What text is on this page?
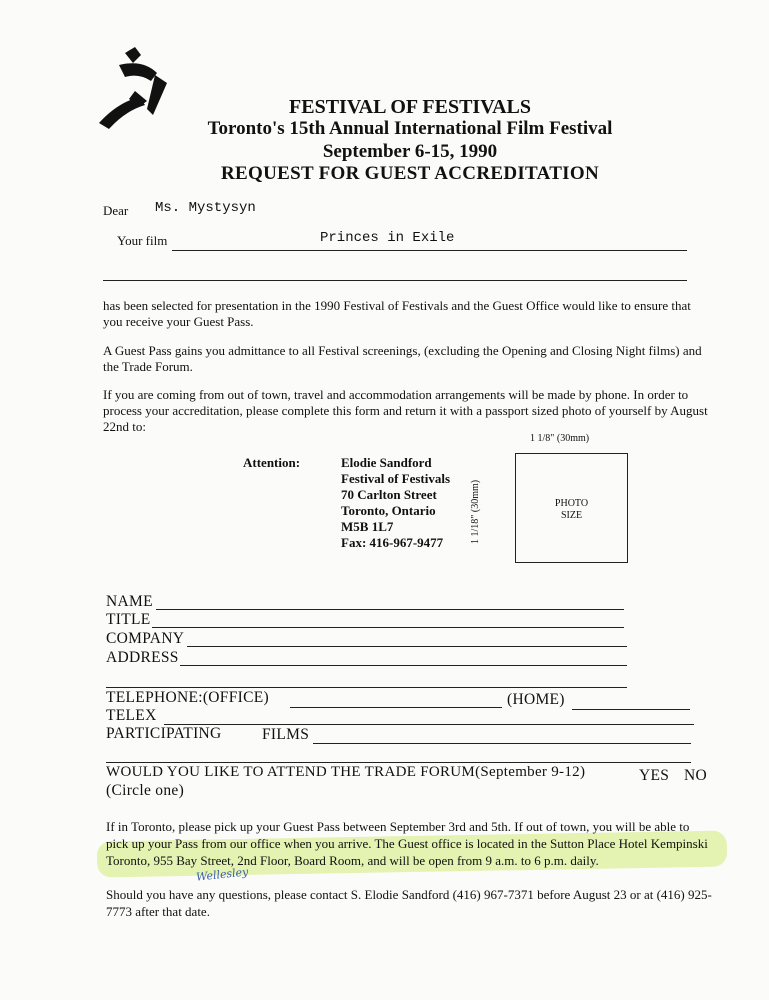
FESTIVAL OF FESTIVALS
Toronto's 15th Annual International Film Festival
September 6-15, 1990
REQUEST FOR GUEST ACCREDITATION
Dear Ms. Mystysyn
Your film	Princes in Exile
has been selected for presentation in the 1990 Festival of Festivals and the Guest Office would like to ensure that
you receive your Guest Pass.
A Guest Pass gains you admittance to all Festival screenings, (excluding the Opening and Closing Night films) and
the Trade Forum.
If you are coming from out of town, travel and accommodation arrangements will be made by phone. In order to
process your accreditation, please complete this form and return it with a passport sized photo of yourself by August
22nd to:
Attention:	Elodie Sandford
Festival of Festivals
70 Carlton Street
Toronto, Ontario
M5B 1L7
Fax: 416-967-9477
1 1/8" (30mm)
PHOTO
SIZE
1 1/18" (30mm)
NAME
TITLE
COMPANY
ADDRESS
TELEPHONE:(OFFICE)	(HOME)
TELEX
PARTICIPATING	FILMS
WOULD YOU LIKE TO ATTEND THE TRADE FORUM(September 9-12)	YES NO
(Circle one)
If in Toronto, please pick up your Guest Pass between September 3rd and 5th. If out of town, you will be able to
pick up your Pass from our office when you arrive. The Guest office is located in the Sutton Place Hotel Kempinski
Toronto, 955 Bay Street, 2nd Floor, Board Room, and will be open from 9 a.m. to 6 p.m. daily.
Wellesley
Should you have any questions, please contact S. Elodie Sandford (416) 967-7371 before August 23 or at (416) 925-
7773 after that date.
